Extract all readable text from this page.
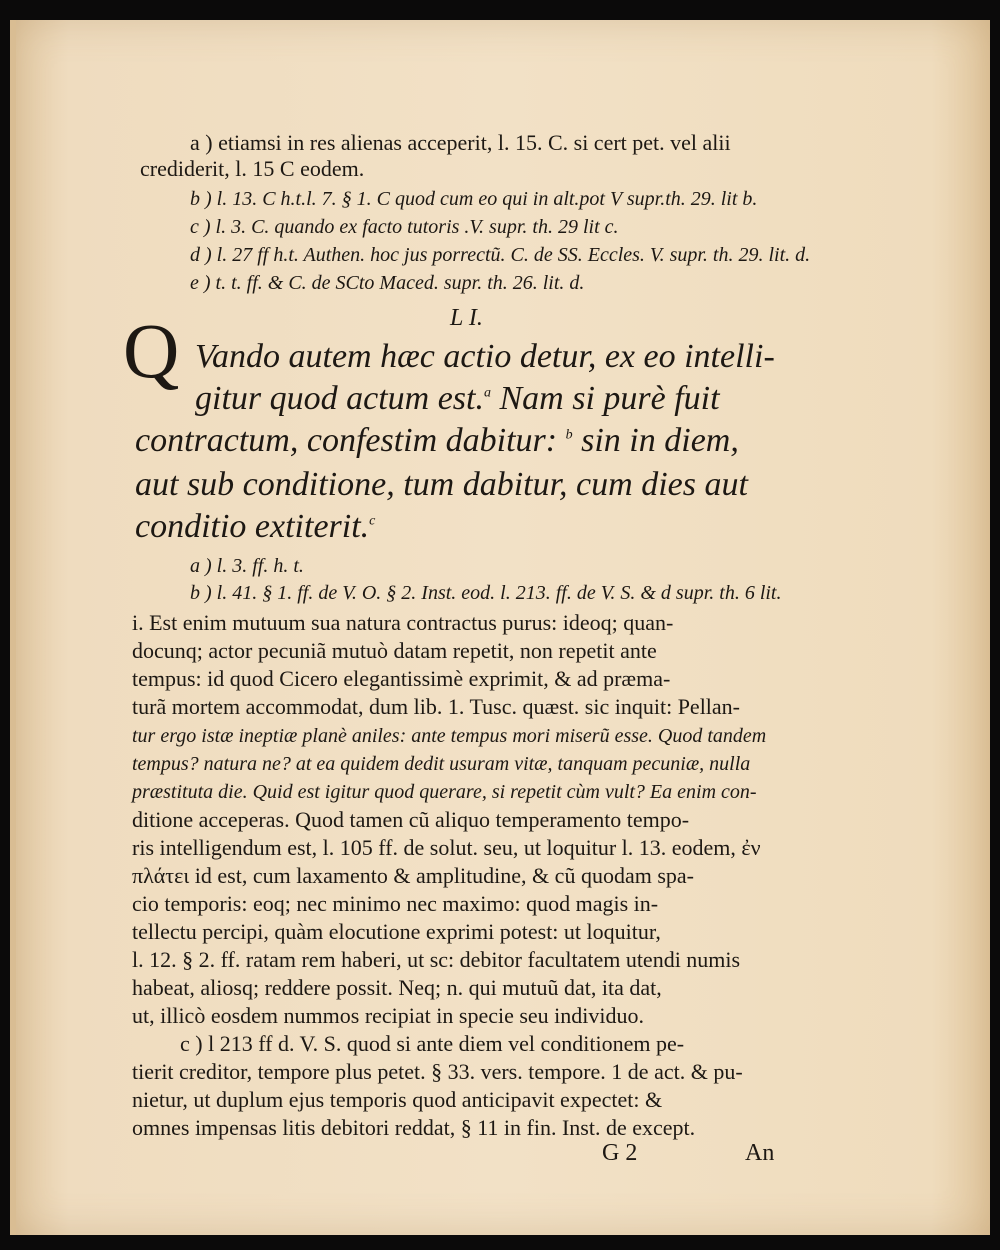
a ) etiamsi in res alienas acceperit, l. 15. C. si cert pet. vel alii
crediderit, l. 15 C eodem.
b ) l. 13. C h.t.l. 7. § 1. C quod cum eo qui in alt.pot V supr.th. 29. lit b.
c ) l. 3. C. quando ex facto tutoris .V. supr. th. 29 lit c.
d ) l. 27 ff h.t. Authen. hoc jus porrectũ. C. de SS. Eccles. V. supr. th. 29. lit. d.
e ) t. t. ff. & C. de SCto Maced. supr. th. 26. lit. d.
L I.
Q Vando autem hæc actio detur, ex eo intelli-
gitur quod actum est.$^a$ Nam si purè fuit
contractum, confestim dabitur: $^b$ sin in diem,
aut sub conditione, tum dabitur, cum dies aut
conditio extiterit.$^c$
a ) l. 3. ff. h. t.
b ) l. 41. § 1. ff. de V. O. § 2. Inst. eod. l. 213. ff. de V. S. & d supr. th. 6 lit.
i. Est enim mutuum sua natura contractus purus: ideoq; quan-
docunq; actor pecuniã mutuò datam repetit, non repetit ante
tempus: id quod Cicero elegantissimè exprimit, & ad præma-
turã mortem accommodat, dum lib. 1. Tusc. quæst. sic inquit: Pellan-
tur ergo istæ ineptiæ planè aniles: ante tempus mori miserũ esse. Quod tandem
tempus? natura ne? at ea quidem dedit usuram vitæ, tanquam pecuniæ, nulla
præstituta die. Quid est igitur quod querare, si repetit cùm vult? Ea enim con-
ditione acceperas. Quod tamen cũ aliquo temperamento tempo-
ris intelligendum est, l. 105 ff. de solut. seu, ut loquitur l. 13. eodem, ἐν
πλάτει id est, cum laxamento & amplitudine, & cũ quodam spa-
cio temporis: eoq; nec minimo nec maximo: quod magis in-
tellectu percipi, quàm elocutione exprimi potest: ut loquitur,
l. 12. § 2. ff. ratam rem haberi, ut sc: debitor facultatem utendi numis
habeat, aliosq; reddere possit. Neq; n. qui mutuũ dat, ita dat,
ut, illicò eosdem nummos recipiat in specie seu individuo.
c ) l 213 ff d. V. S. quod si ante diem vel conditionem pe-
tierit creditor, tempore plus petet. § 33. vers. tempore. 1 de act. & pu-
nietur, ut duplum ejus temporis quod anticipavit expectet: &
omnes impensas litis debitori reddat, § 11 in fin. Inst. de except.
G 2	An
